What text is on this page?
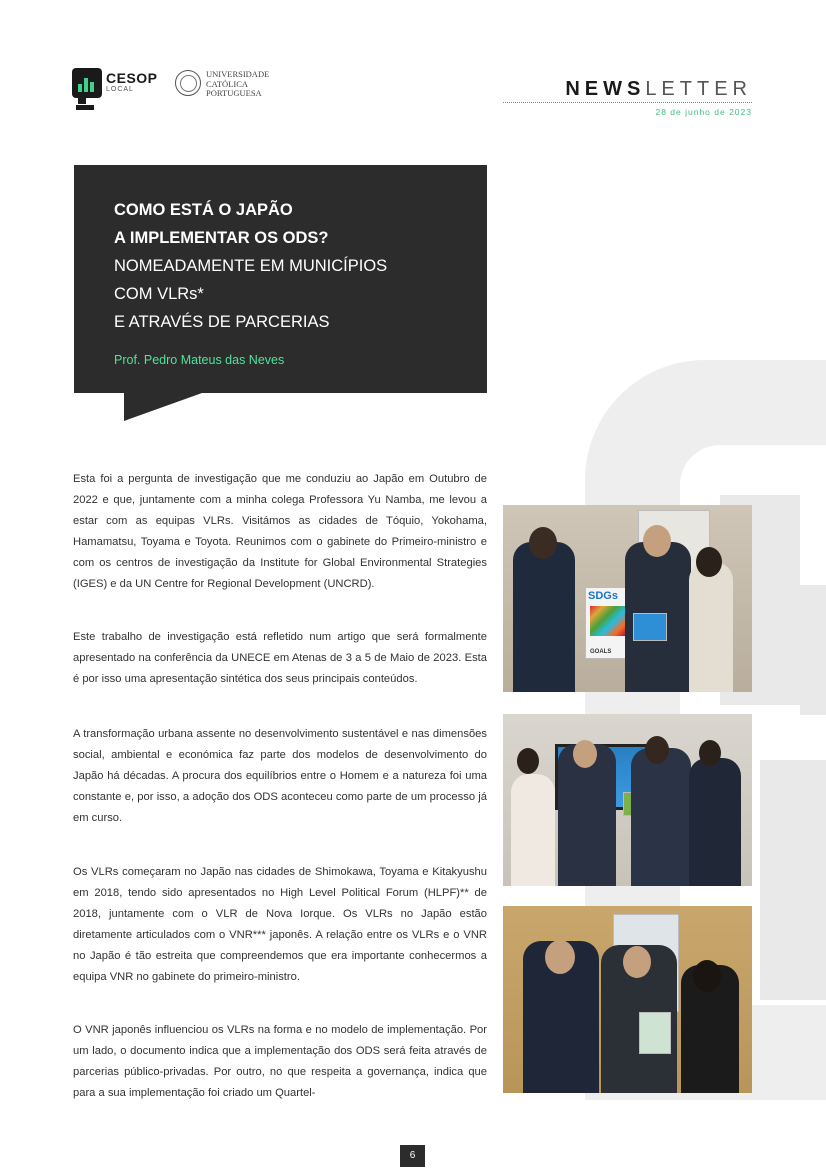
CESOP
LOCAL
UNIVERSIDADE
CATÓLICA
PORTUGUESA	NEWSLETTER
28 de junho de 2023
COMO ESTÁ O JAPÃO
A IMPLEMENTAR OS ODS?
NOMEADAMENTE EM MUNICÍPIOS
COM VLRs*
E ATRAVÉS DE PARCERIAS
Prof. Pedro Mateus das Neves

Esta foi a pergunta de investigação que me conduziu ao Japão em Outubro de 2022 e que, juntamente com a minha colega Professora Yu Namba, me levou a estar com as equipas VLRs. Visitámos as cidades de Tóquio, Yokohama, Hamamatsu, Toyama e Toyota. Reunimos com o gabinete do Primeiro-ministro e com os centros de investigação da Institute for Global Environmental Strategies (IGES) e da UN Centre for Regional Development (UNCRD).

Este trabalho de investigação está refletido num artigo que será formalmente apresentado na conferência da UNECE em Atenas de 3 a 5 de Maio de 2023. Esta é por isso uma apresentação sintética dos seus principais conteúdos.

A transformação urbana assente no desenvolvimento sustentável e nas dimensões social, ambiental e económica faz parte dos modelos de desenvolvimento do Japão há décadas. A procura dos equilíbrios entre o Homem e a natureza foi uma constante e, por isso, a adoção dos ODS aconteceu como parte de um processo já em curso.

Os VLRs começaram no Japão nas cidades de Shimokawa, Toyama e Kitakyushu em 2018, tendo sido apresentados no High Level Political Forum (HLPF)** de 2018, juntamente com o VLR de Nova Iorque. Os VLRs no Japão estão diretamente articulados com o VNR*** japonês. A relação entre os VLRs e o VNR no Japão é tão estreita que compreendemos que era importante conhecermos a equipa VNR no gabinete do primeiro-ministro.

O VNR japonês influenciou os VLRs na forma e no modelo de implementação. Por um lado, o documento indica que a implementação dos ODS será feita através de parcerias público-privadas. Por outro, no que respeita a governança, indica que para a sua implementação foi criado um Quartel-

SDGs
GOALS
6
